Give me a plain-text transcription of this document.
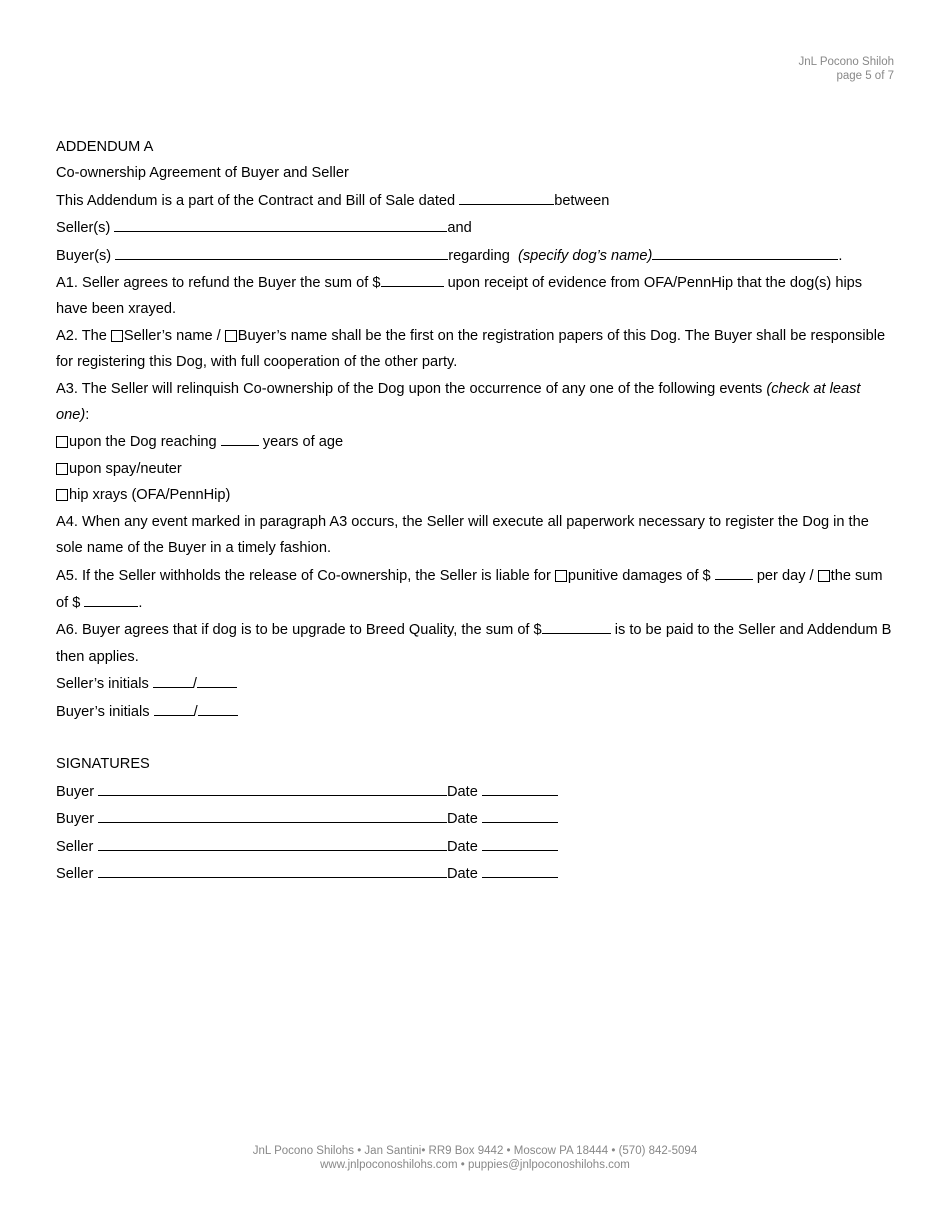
JnL Pocono Shiloh
page 5 of 7
ADDENDUM A
Co-ownership Agreement of Buyer and Seller
This Addendum is a part of the Contract and Bill of Sale dated	between
Seller(s)	and
Buyer(s)	regarding (specify dog’s name)	.
A1. Seller agrees to refund the Buyer the sum of $	upon receipt of evidence from OFA/PennHip that the dog(s) hips have been xrayed.
A2. The Seller’s name / Buyer’s name shall be the first on the registration papers of this Dog. The Buyer shall be responsible for registering this Dog, with full cooperation of the other party.
A3. The Seller will relinquish Co-ownership of the Dog upon the occurrence of any one of the following events (check at least one):
upon the Dog reaching	years of age
upon spay/neuter
hip xrays (OFA/PennHip)
A4. When any event marked in paragraph A3 occurs, the Seller will execute all paperwork necessary to register the Dog in the sole name of the Buyer in a timely fashion.
A5. If the Seller withholds the release of Co-ownership, the Seller is liable for punitive damages of $	per day / the sum of $	.
A6. Buyer agrees that if dog is to be upgrade to Breed Quality, the sum of $	is to be paid to the Seller and Addendum B then applies.
Seller’s initials	/
Buyer’s initials	/
SIGNATURES
Buyer	Date
Buyer	Date
Seller	Date
Seller	Date
JnL Pocono Shilohs • Jan Santini• RR9 Box 9442 • Moscow PA 18444 • (570) 842-5094
www.jnlpoconoshilohs.com • puppies@jnlpoconoshilohs.com
